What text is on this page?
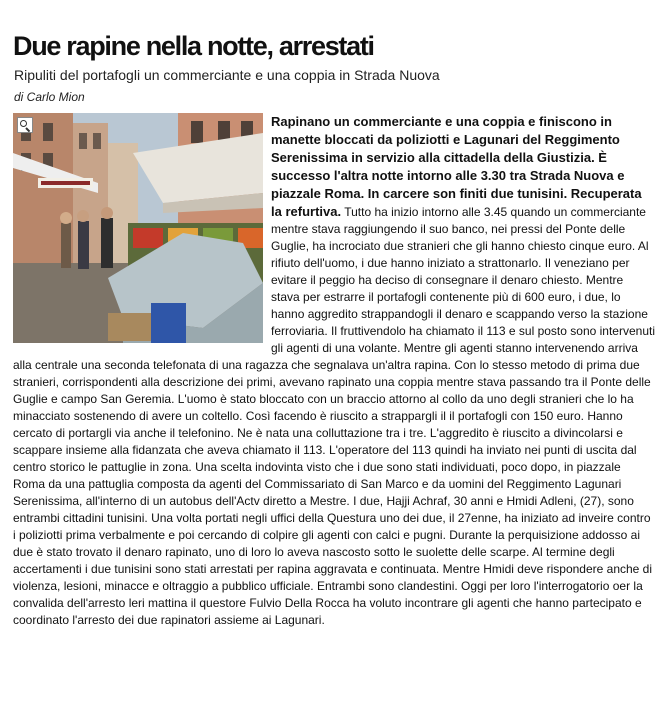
Due rapine nella notte, arrestati
Ripuliti del portafogli un commerciante e una coppia in Strada Nuova
di Carlo Mion

Rapinano un commerciante e una coppia e finiscono in manette bloccati da poliziotti e Lagunari del Reggimento Serenissima in servizio alla cittadella della Giustizia. È successo l'altra notte intorno alle 3.30 tra Strada Nuova e piazzale Roma. In carcere son finiti due tunisini. Recuperata la refurtiva. Tutto ha inizio intorno alle 3.45 quando un commerciante mentre stava raggiungendo il suo banco, nei pressi del Ponte delle Guglie, ha incrociato due stranieri che gli hanno chiesto cinque euro. Al rifiuto dell'uomo, i due hanno iniziato a strattonarlo. Il veneziano per evitare il peggio ha deciso di consegnare il denaro chiesto. Mentre stava per estrarre il portafogli contenente più di 600 euro, i due, lo hanno aggredito strappandogli il denaro e scappando verso la stazione ferroviaria. Il fruttivendolo ha chiamato il 113 e sul posto sono intervenuti gli agenti di una volante. Mentre gli agenti stanno intervenendo arriva alla centrale una seconda telefonata di una ragazza che segnalava un'altra rapina. Con lo stesso metodo di prima due stranieri, corrispondenti alla descrizione dei primi, avevano rapinato una coppia mentre stava passando tra il Ponte delle Guglie e campo San Geremia. L'uomo è stato bloccato con un braccio attorno al collo da uno degli stranieri che lo ha minacciato sostenendo di avere un coltello. Così facendo è riuscito a strappargli il il portafogli con 150 euro. Hanno cercato di portargli via anche il telefonino. Ne è nata una colluttazione tra i tre. L'aggredito è riuscito a divincolarsi e scappare insieme alla fidanzata che aveva chiamato il 113. L'operatore del 113 quindi ha inviato nei punti di uscita dal centro storico le pattuglie in zona. Una scelta indovinta visto che i due sono stati individuati, poco dopo, in piazzale Roma da una pattuglia composta da agenti del Commissariato di San Marco e da uomini del Reggimento Lagunari Serenissima, all'interno di un autobus dell'Actv diretto a Mestre. I due, Hajji Achraf, 30 anni e Hmidi Adleni, (27), sono entrambi cittadini tunisini. Una volta portati negli uffici della Questura uno dei due, il 27enne, ha iniziato ad inveire contro i poliziotti prima verbalmente e poi cercando di colpire gli agenti con calci e pugni. Durante la perquisizione addosso ai due è stato trovato il denaro rapinato, uno di loro lo aveva nascosto sotto le suolette delle scarpe. Al termine degli accertamenti i due tunisini sono stati arrestati per rapina aggravata e continuata. Mentre Hmidi deve rispondere anche di violenza, lesioni, minacce e oltraggio a pubblico ufficiale. Entrambi sono clandestini. Oggi per loro l'interrogatorio oer la convalida dell'arresto leri mattina il questore Fulvio Della Rocca ha voluto incontrare gli agenti che hanno partecipato e coordinato l'arresto dei due rapinatori assieme ai Lagunari.
